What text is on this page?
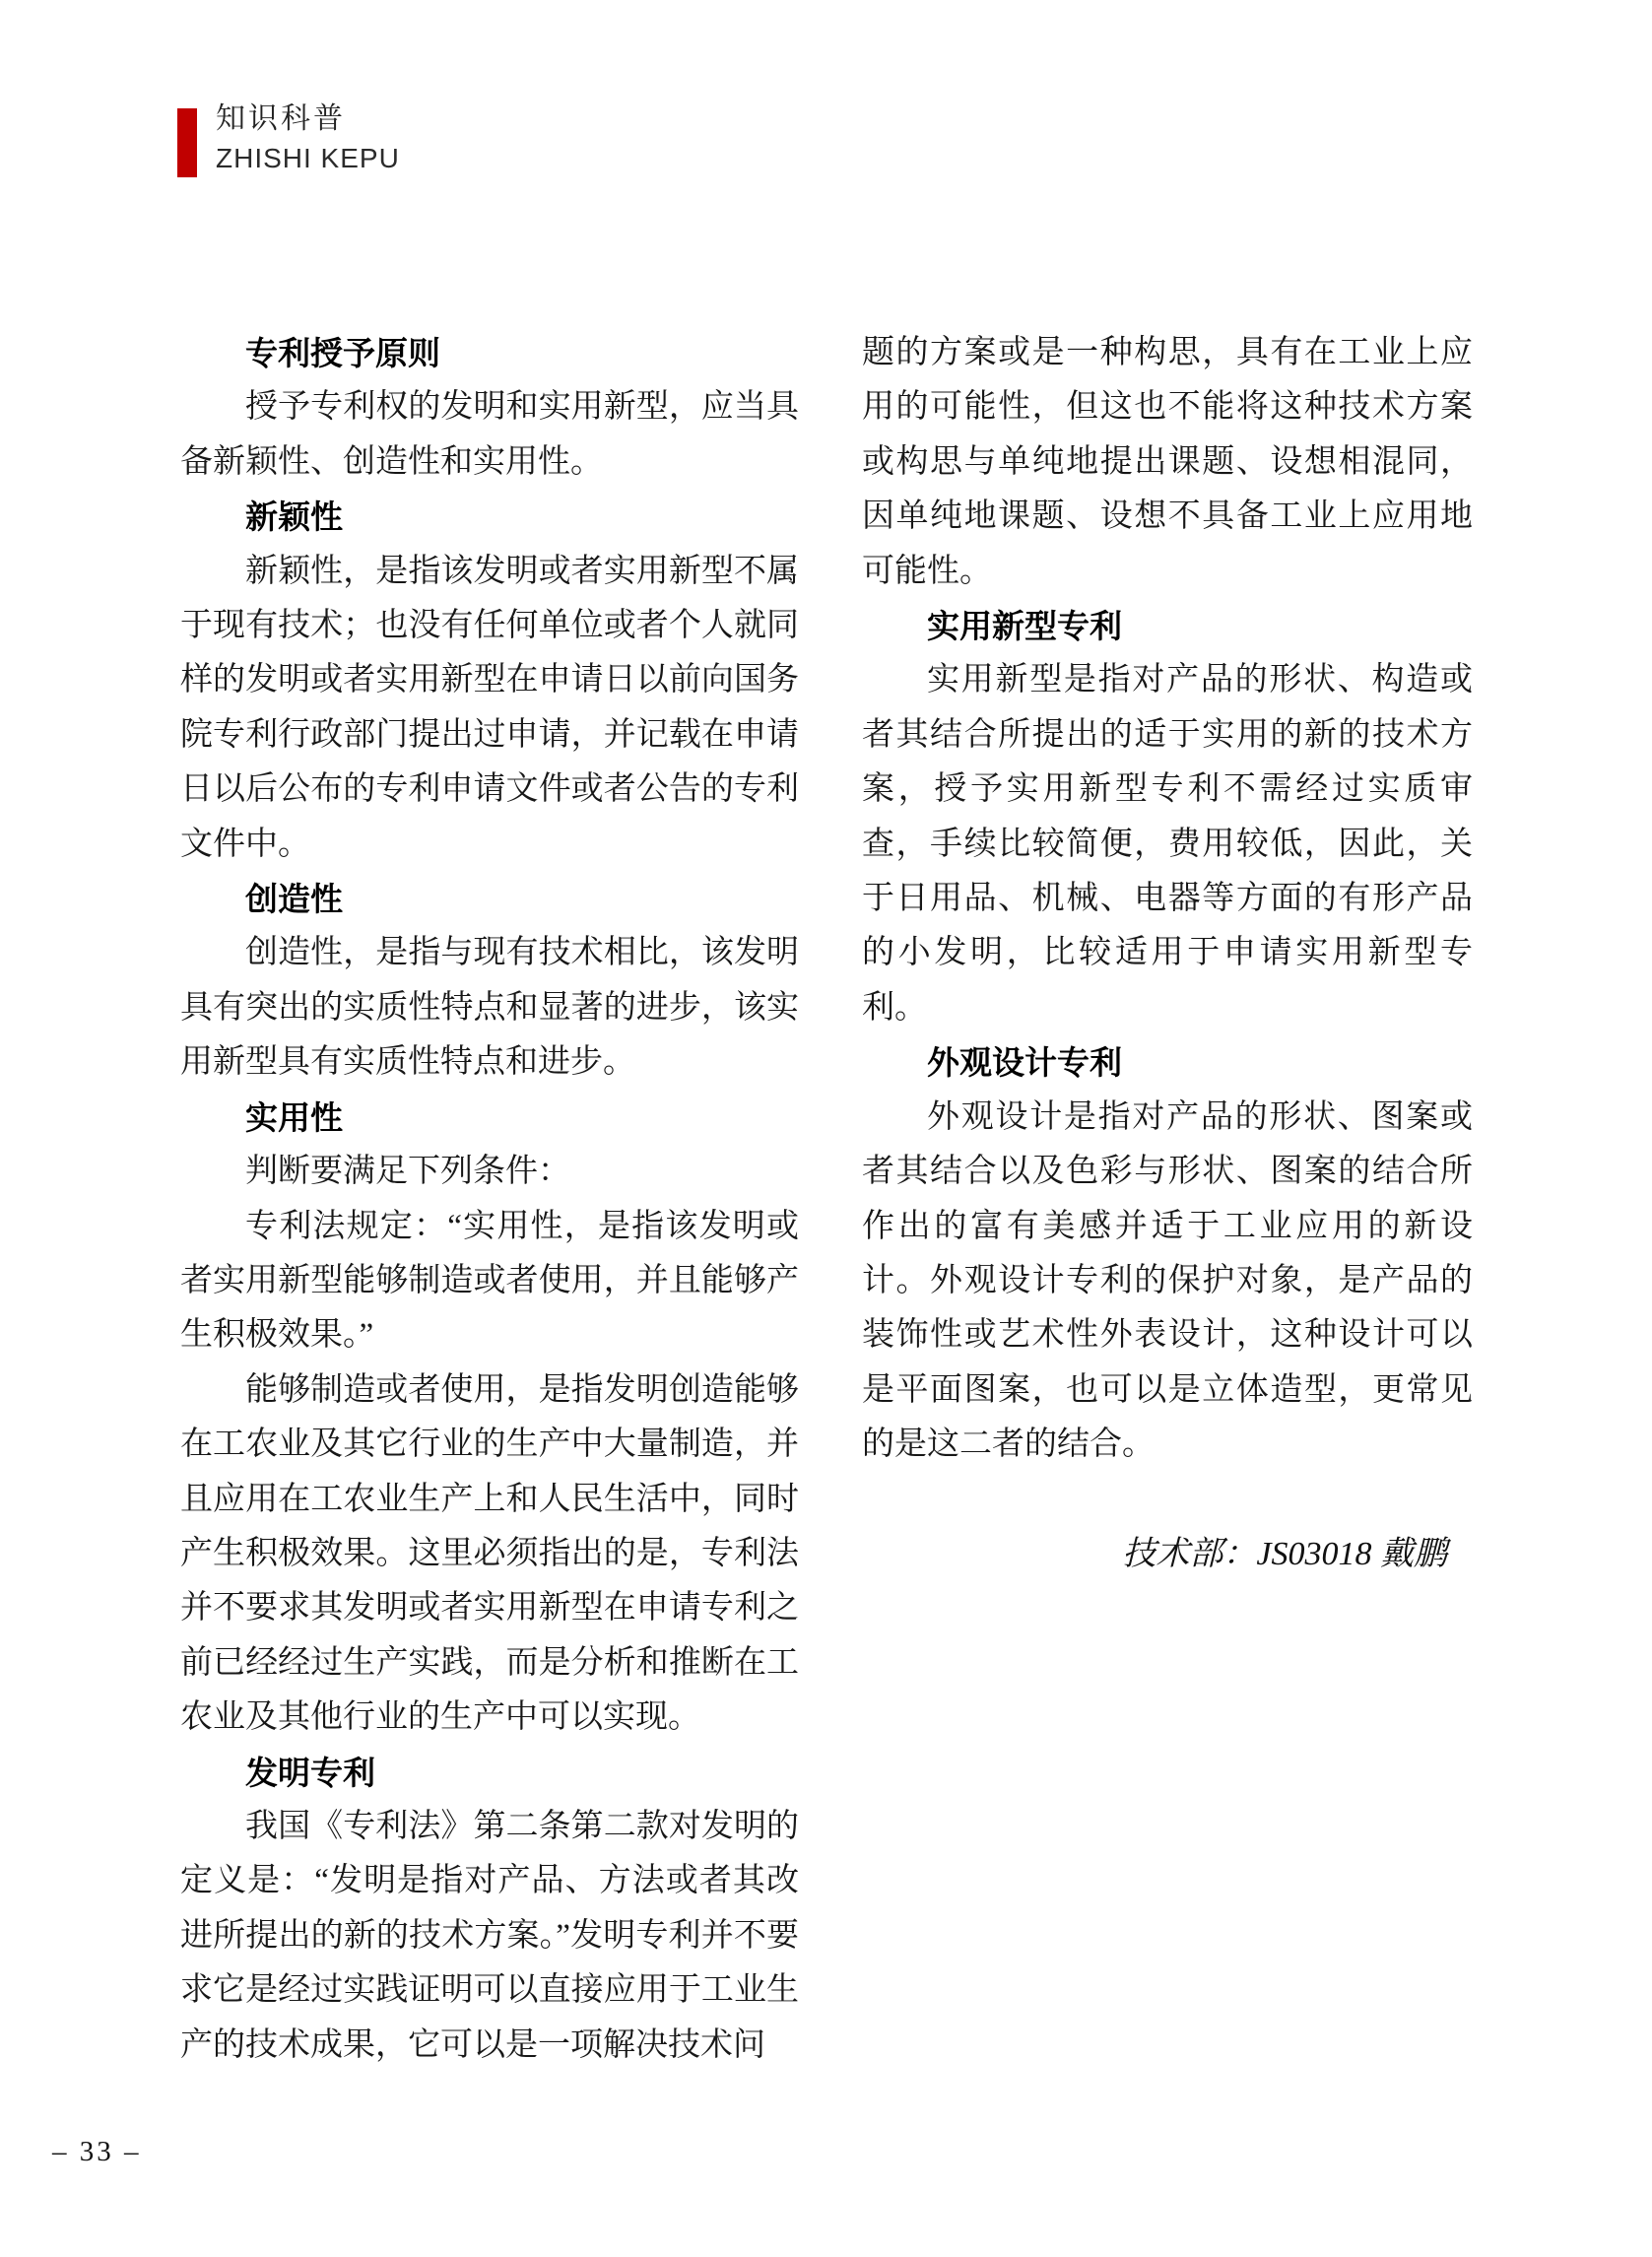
知识科普
ZHISHI KEPU

专利授予原则

授予专利权的发明和实用新型，应当具备新颖性、创造性和实用性。

新颖性

新颖性，是指该发明或者实用新型不属于现有技术；也没有任何单位或者个人就同样的发明或者实用新型在申请日以前向国务院专利行政部门提出过申请，并记载在申请日以后公布的专利申请文件或者公告的专利文件中。

创造性

创造性，是指与现有技术相比，该发明具有突出的实质性特点和显著的进步，该实用新型具有实质性特点和进步。

实用性

判断要满足下列条件：

专利法规定：“实用性，是指该发明或者实用新型能够制造或者使用，并且能够产生积极效果。”

能够制造或者使用，是指发明创造能够在工农业及其它行业的生产中大量制造，并且应用在工农业生产上和人民生活中，同时产生积极效果。这里必须指出的是，专利法并不要求其发明或者实用新型在申请专利之前已经经过生产实践，而是分析和推断在工农业及其他行业的生产中可以实现。

发明专利

我国《专利法》第二条第二款对发明的定义是：“发明是指对产品、方法或者其改进所提出的新的技术方案。”发明专利并不要求它是经过实践证明可以直接应用于工业生产的技术成果，它可以是一项解决技术问

题的方案或是一种构思，具有在工业上应用的可能性，但这也不能将这种技术方案或构思与单纯地提出课题、设想相混同，因单纯地课题、设想不具备工业上应用地可能性。

实用新型专利

实用新型是指对产品的形状、构造或者其结合所提出的适于实用的新的技术方案，授予实用新型专利不需经过实质审查，手续比较简便，费用较低，因此，关于日用品、机械、电器等方面的有形产品的小发明，比较适用于申请实用新型专利。

外观设计专利

外观设计是指对产品的形状、图案或者其结合以及色彩与形状、图案的结合所作出的富有美感并适于工业应用的新设计。外观设计专利的保护对象，是产品的装饰性或艺术性外表设计，这种设计可以是平面图案，也可以是立体造型，更常见的是这二者的结合。

技术部：JS03018 戴鹏

– 33 –
